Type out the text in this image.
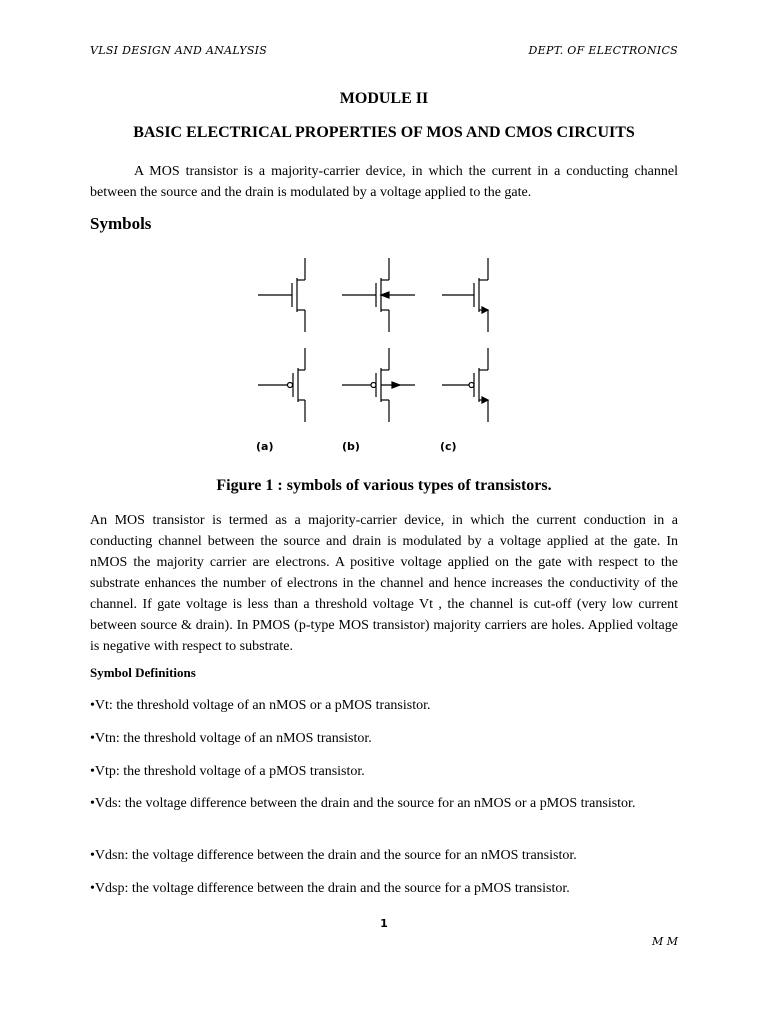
VLSI DESIGN AND ANALYSIS	DEPT. OF ELECTRONICS
MODULE II
BASIC ELECTRICAL PROPERTIES OF MOS AND CMOS CIRCUITS
A MOS transistor is a majority-carrier device, in which the current in a conducting channel between the source and the drain is modulated by a voltage applied to the gate.
Symbols
(a)	(b)	(c)
Figure 1 : symbols of various types of transistors.
An MOS transistor is termed as a majority-carrier device, in which the current conduction in a conducting channel between the source and drain is modulated by a voltage applied at the gate. In nMOS the majority carrier are electrons. A positive voltage applied on the gate with respect to the substrate enhances the number of electrons in the channel and hence increases the conductivity of the channel. If gate voltage is less than a threshold voltage Vt , the channel is cut-off (very low current between source & drain). In PMOS (p-type MOS transistor) majority carriers are holes. Applied voltage is negative with respect to substrate.
Symbol Definitions
•Vt: the threshold voltage of an nMOS or a pMOS transistor.
•Vtn: the threshold voltage of an nMOS transistor.
•Vtp: the threshold voltage of a pMOS transistor.
•Vds: the voltage difference between the drain and the source for an nMOS or a pMOS transistor.
•Vdsn: the voltage difference between the drain and the source for an nMOS transistor.
•Vdsp: the voltage difference between the drain and the source for a pMOS transistor.
1
M M
